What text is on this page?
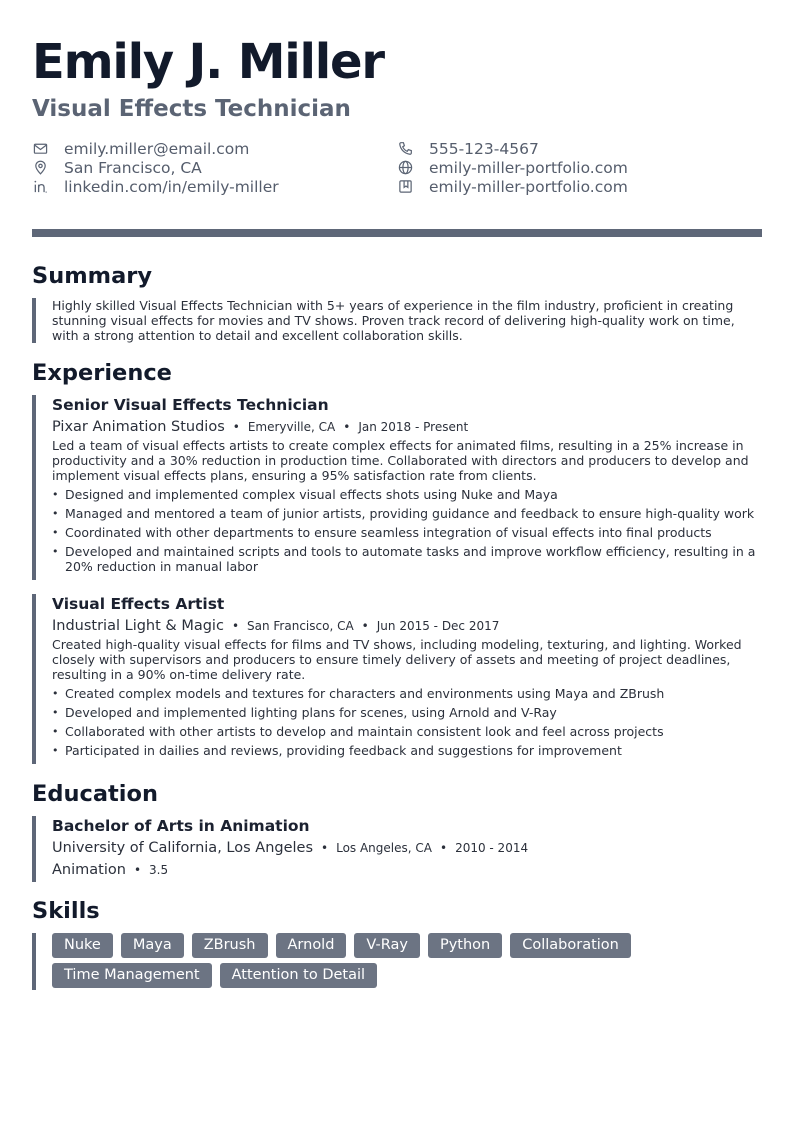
Emily J. Miller
Visual Effects Technician
emily.miller@email.com	555-123-4567
San Francisco, CA	emily-miller-portfolio.com
linkedin.com/in/emily-miller	emily-miller-portfolio.com
Summary
Highly skilled Visual Effects Technician with 5+ years of experience in the film industry, proficient in creating stunning visual effects for movies and TV shows. Proven track record of delivering high-quality work on time, with a strong attention to detail and excellent collaboration skills.
Experience
Senior Visual Effects Technician
Pixar Animation Studios • Emeryville, CA • Jan 2018 - Present
Led a team of visual effects artists to create complex effects for animated films, resulting in a 25% increase in productivity and a 30% reduction in production time. Collaborated with directors and producers to develop and implement visual effects plans, ensuring a 95% satisfaction rate from clients.
• Designed and implemented complex visual effects shots using Nuke and Maya
• Managed and mentored a team of junior artists, providing guidance and feedback to ensure high-quality work
• Coordinated with other departments to ensure seamless integration of visual effects into final products
• Developed and maintained scripts and tools to automate tasks and improve workflow efficiency, resulting in a 20% reduction in manual labor
Visual Effects Artist
Industrial Light & Magic • San Francisco, CA • Jun 2015 - Dec 2017
Created high-quality visual effects for films and TV shows, including modeling, texturing, and lighting. Worked closely with supervisors and producers to ensure timely delivery of assets and meeting of project deadlines, resulting in a 90% on-time delivery rate.
• Created complex models and textures for characters and environments using Maya and ZBrush
• Developed and implemented lighting plans for scenes, using Arnold and V-Ray
• Collaborated with other artists to develop and maintain consistent look and feel across projects
• Participated in dailies and reviews, providing feedback and suggestions for improvement
Education
Bachelor of Arts in Animation
University of California, Los Angeles • Los Angeles, CA • 2010 - 2014
Animation • 3.5
Skills
Nuke	Maya	ZBrush	Arnold	V-Ray	Python	Collaboration
Time Management	Attention to Detail
